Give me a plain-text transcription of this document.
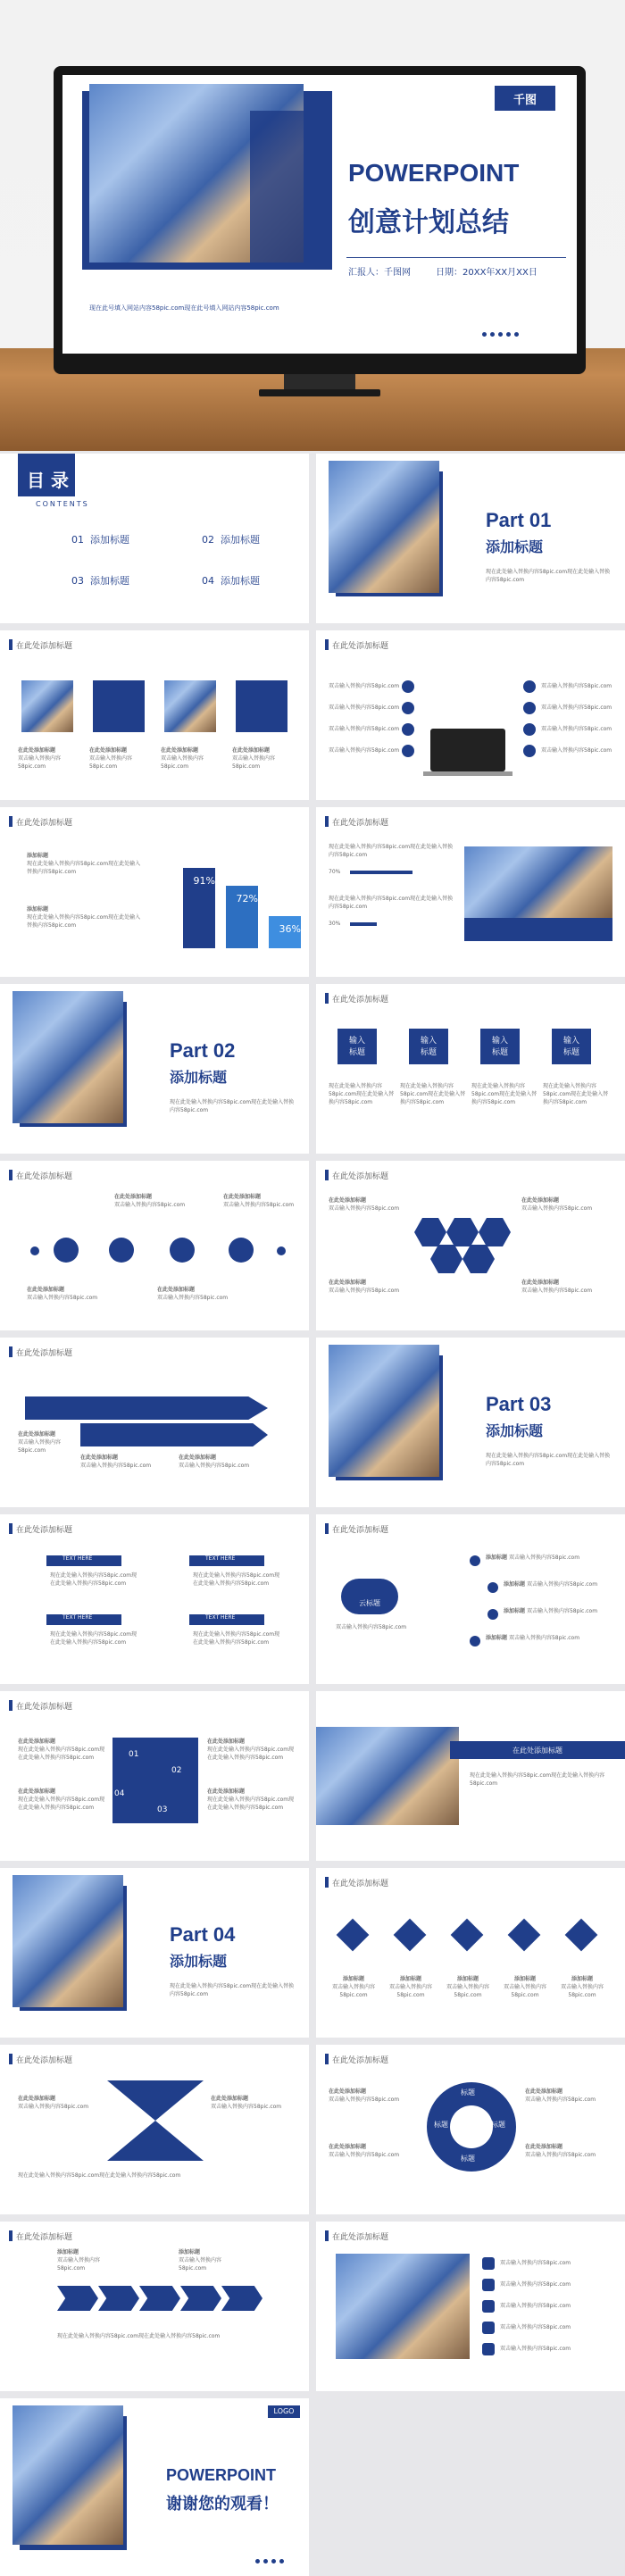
千图
POWERPOINT
创意计划总结
汇报人：千图网	日期：20XX年XX月XX日
现在此号填入网站内容58pic.com现在此号填入网站内容58pic.com
目 录
CONTENTS
01 添加标题	02 添加标题
03 添加标题	04 添加标题
Part 01
添加标题
现在此处输入替换内容58pic.com现在此处输入替换内容58pic.com
在此处添加标题
在此处添加标题
双击输入替换内容58pic.com
在此处添加标题
双击输入替换内容58pic.com
在此处添加标题
双击输入替换内容58pic.com
在此处添加标题
双击输入替换内容58pic.com
在此处添加标题
双击输入替换内容58pic.com
双击输入替换内容58pic.com
双击输入替换内容58pic.com
双击输入替换内容58pic.com
双击输入替换内容58pic.com
双击输入替换内容58pic.com
双击输入替换内容58pic.com
双击输入替换内容58pic.com
在此处添加标题
添加标题
现在此处输入替换内容58pic.com现在此处输入替换内容58pic.com
添加标题
现在此处输入替换内容58pic.com现在此处输入替换内容58pic.com
91%
72%
36%
在此处添加标题
现在此处输入替换内容58pic.com现在此处输入替换内容58pic.com
现在此处输入替换内容58pic.com现在此处输入替换内容58pic.com
70%
30%
Part 02
添加标题
现在此处输入替换内容58pic.com现在此处输入替换内容58pic.com
在此处添加标题
输入
标题
输入
标题
输入
标题
输入
标题
现在此处输入替换内容58pic.com现在此处输入替换内容58pic.com
现在此处输入替换内容58pic.com现在此处输入替换内容58pic.com
现在此处输入替换内容58pic.com现在此处输入替换内容58pic.com
现在此处输入替换内容58pic.com现在此处输入替换内容58pic.com
在此处添加标题
在此处添加标题
双击输入替换内容58pic.com
在此处添加标题
双击输入替换内容58pic.com
在此处添加标题
双击输入替换内容58pic.com
在此处添加标题
双击输入替换内容58pic.com
在此处添加标题
在此处添加标题
双击输入替换内容58pic.com
在此处添加标题
双击输入替换内容58pic.com
在此处添加标题
双击输入替换内容58pic.com
在此处添加标题
双击输入替换内容58pic.com
在此处添加标题
在此处添加标题
双击输入替换内容58pic.com
在此处添加标题
双击输入替换内容58pic.com
在此处添加标题
双击输入替换内容58pic.com
Part 03
添加标题
现在此处输入替换内容58pic.com现在此处输入替换内容58pic.com
在此处添加标题
TEXT HERE	TEXT HERE
TEXT HERE	TEXT HERE
现在此处输入替换内容58pic.com现在此处输入替换内容58pic.com
现在此处输入替换内容58pic.com现在此处输入替换内容58pic.com
现在此处输入替换内容58pic.com现在此处输入替换内容58pic.com
现在此处输入替换内容58pic.com现在此处输入替换内容58pic.com
在此处添加标题
云标题
双击输入替换内容58pic.com
添加标题 双击输入替换内容58pic.com
添加标题 双击输入替换内容58pic.com
添加标题 双击输入替换内容58pic.com
添加标题 双击输入替换内容58pic.com
在此处添加标题
01
02
03
04
在此处添加标题
现在此处输入替换内容58pic.com现在此处输入替换内容58pic.com
在此处添加标题
现在此处输入替换内容58pic.com现在此处输入替换内容58pic.com
在此处添加标题
现在此处输入替换内容58pic.com现在此处输入替换内容58pic.com
在此处添加标题
现在此处输入替换内容58pic.com现在此处输入替换内容58pic.com
在此处添加标题
现在此处输入替换内容58pic.com现在此处输入替换内容58pic.com
Part 04
添加标题
现在此处输入替换内容58pic.com现在此处输入替换内容58pic.com
在此处添加标题
添加标题
双击输入替换内容58pic.com
添加标题
双击输入替换内容58pic.com
添加标题
双击输入替换内容58pic.com
添加标题
双击输入替换内容58pic.com
添加标题
双击输入替换内容58pic.com
在此处添加标题
在此处添加标题
双击输入替换内容58pic.com
在此处添加标题
双击输入替换内容58pic.com
现在此处输入替换内容58pic.com现在此处输入替换内容58pic.com
在此处添加标题
标题
标题	标题
标题
在此处添加标题
双击输入替换内容58pic.com
在此处添加标题
双击输入替换内容58pic.com
在此处添加标题
双击输入替换内容58pic.com
在此处添加标题
双击输入替换内容58pic.com
在此处添加标题
添加标题
双击输入替换内容58pic.com
添加标题
双击输入替换内容58pic.com
现在此处输入替换内容58pic.com现在此处输入替换内容58pic.com
在此处添加标题
双击输入替换内容58pic.com
双击输入替换内容58pic.com
双击输入替换内容58pic.com
双击输入替换内容58pic.com
双击输入替换内容58pic.com
LOGO
POWERPOINT
谢谢您的观看！
